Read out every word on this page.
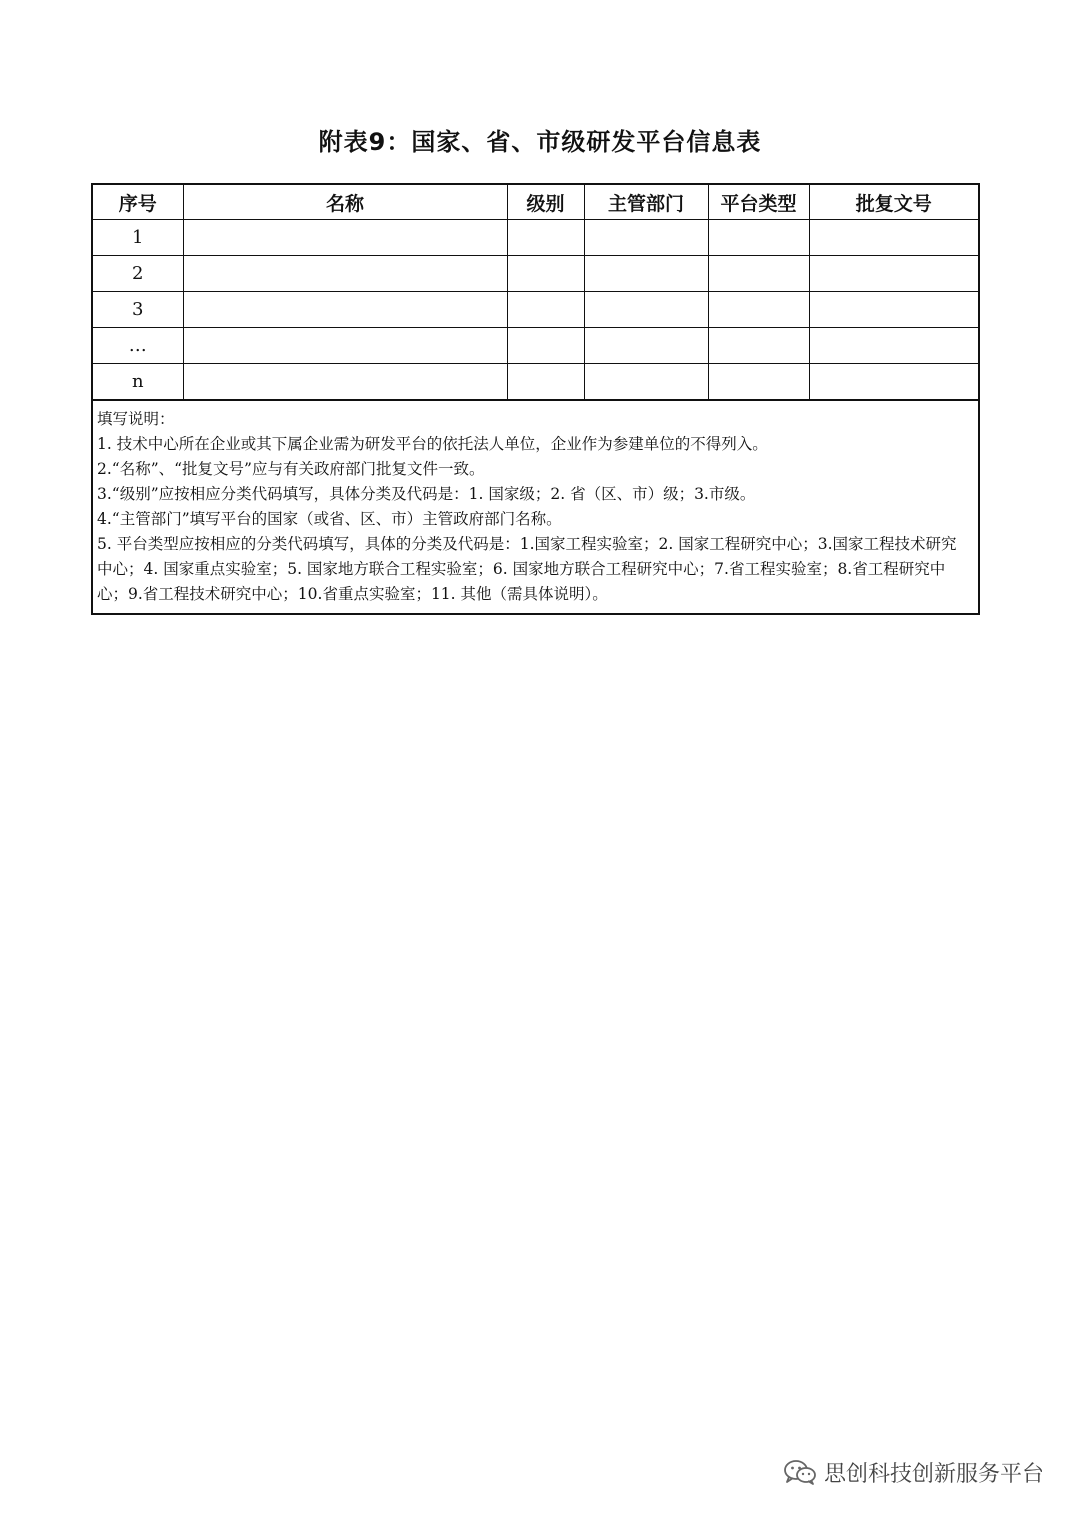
附表9：国家、省、市级研发平台信息表
序号	名称	级别	主管部门	平台类型	批复文号
1					
2					
3					
…					
n					
填写说明：
1. 技术中心所在企业或其下属企业需为研发平台的依托法人单位，企业作为参建单位的不得列入。
2.“名称”、“批复文号”应与有关政府部门批复文件一致。
3.“级别”应按相应分类代码填写，具体分类及代码是：1. 国家级；2. 省（区、市）级；3.市级。
4.“主管部门”填写平台的国家（或省、区、市）主管政府部门名称。
5. 平台类型应按相应的分类代码填写，具体的分类及代码是：1.国家工程实验室；2. 国家工程研究中心；3.国家工程技术研究中心；4. 国家重点实验室；5. 国家地方联合工程实验室；6. 国家地方联合工程研究中心；7.省工程实验室；8.省工程研究中心；9.省工程技术研究中心；10.省重点实验室；11. 其他（需具体说明）。
思创科技创新服务平台
